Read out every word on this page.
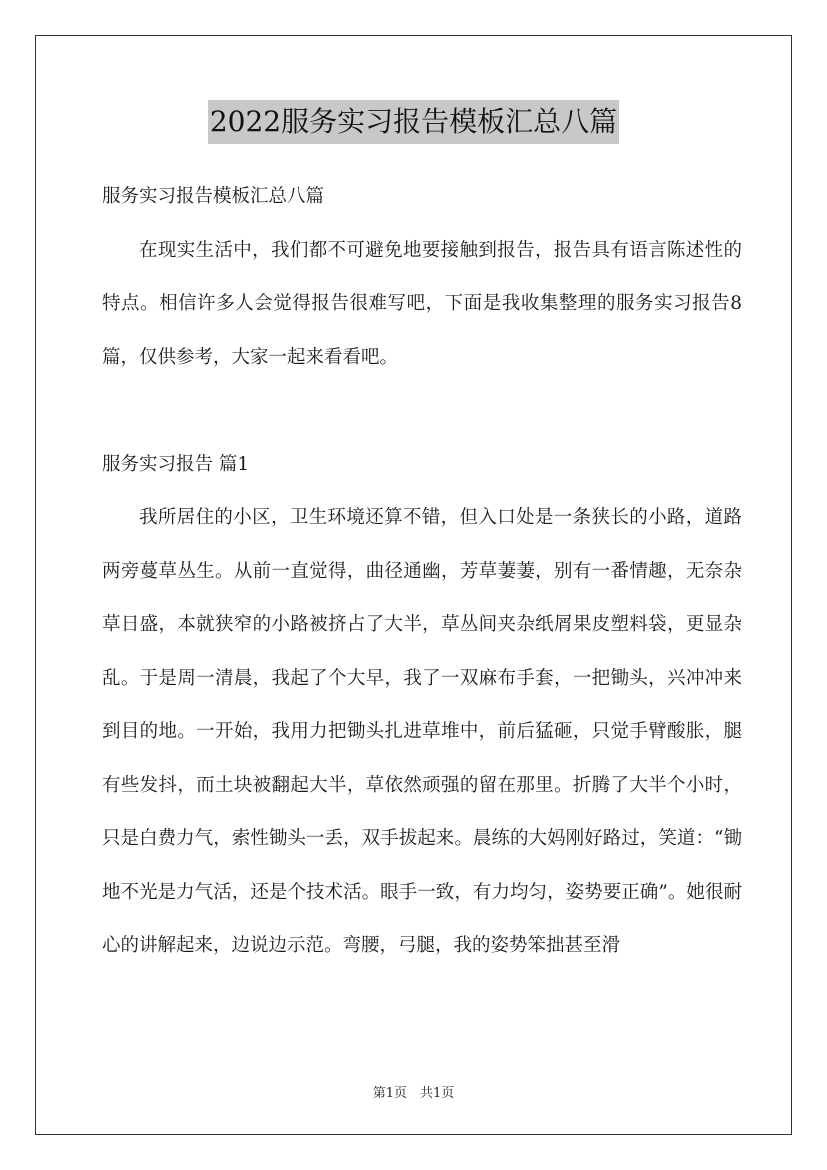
2022服务实习报告模板汇总八篇

服务实习报告模板汇总八篇

在现实生活中，我们都不可避免地要接触到报告，报告具有语言陈述性的特点。相信许多人会觉得报告很难写吧，下面是我收集整理的服务实习报告8篇，仅供参考，大家一起来看看吧。

服务实习报告 篇1

我所居住的小区，卫生环境还算不错，但入口处是一条狭长的小路，道路两旁蔓草丛生。从前一直觉得，曲径通幽，芳草萋萋，别有一番情趣，无奈杂草日盛，本就狭窄的小路被挤占了大半，草丛间夹杂纸屑果皮塑料袋，更显杂乱。于是周一清晨，我起了个大早，我了一双麻布手套，一把锄头，兴冲冲来到目的地。一开始，我用力把锄头扎进草堆中，前后猛砸，只觉手臂酸胀，腿有些发抖，而土块被翻起大半，草依然顽强的留在那里。折腾了大半个小时，只是白费力气，索性锄头一丢，双手拔起来。晨练的大妈刚好路过，笑道：“锄地不光是力气活，还是个技术活。眼手一致，有力均匀，姿势要正确”。她很耐心的讲解起来，边说边示范。弯腰，弓腿，我的姿势笨拙甚至滑

第1页　共1页
